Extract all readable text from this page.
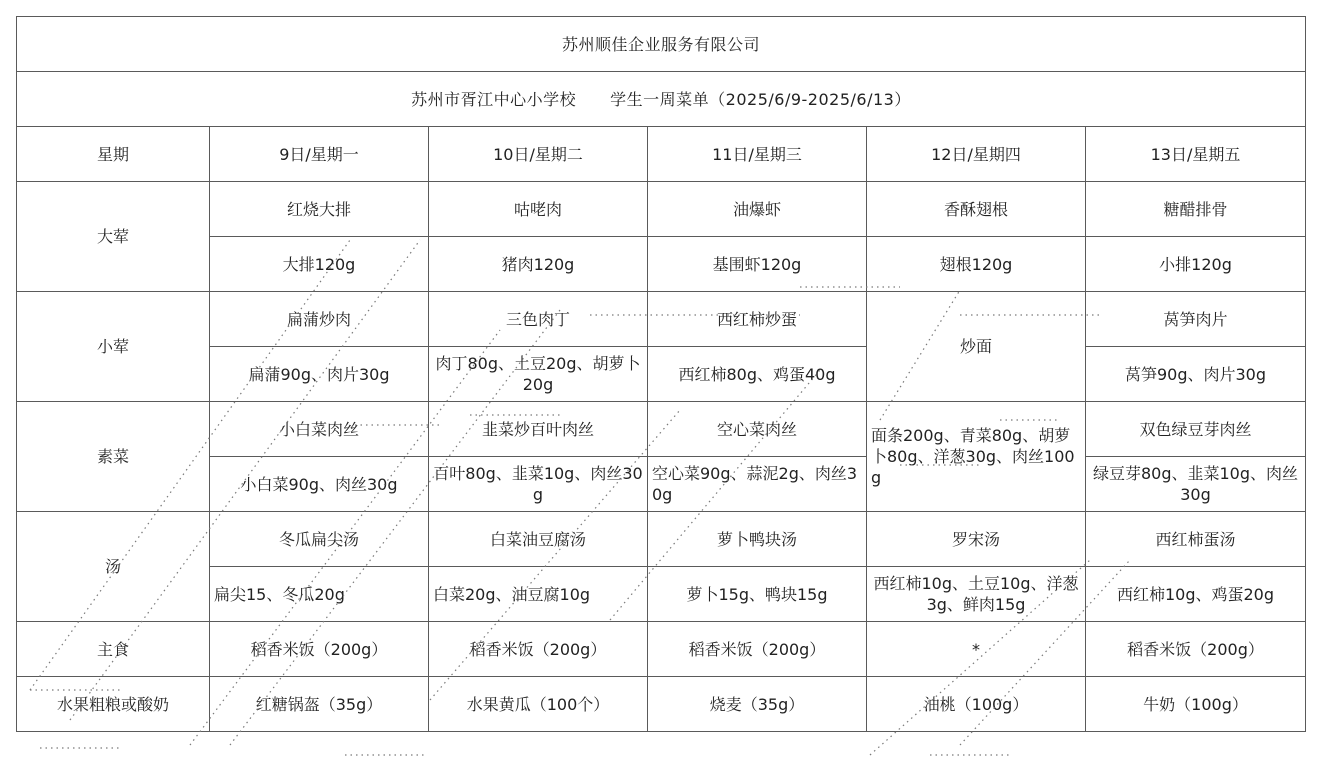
苏州顺佳企业服务有限公司					
苏州市胥江中心小学校 学生一周菜单（2025/6/9-2025/6/13）					
星期	9日/星期一	10日/星期二	11日/星期三	12日/星期四	13日/星期五
大荤	红烧大排	咕咾肉	油爆虾	香酥翅根	糖醋排骨
	大排120g	猪肉120g	基围虾120g	翅根120g	小排120g
小荤	扁蒲炒肉	三色肉丁	西红柿炒蛋	炒面	莴笋肉片
	扁蒲90g、肉片30g	肉丁80g、土豆20g、胡萝卜20g	西红柿80g、鸡蛋40g		莴笋90g、肉片30g
素菜	小白菜肉丝	韭菜炒百叶肉丝	空心菜肉丝	面条200g、青菜80g、胡萝卜80g、洋葱30g、肉丝100g	双色绿豆芽肉丝
	小白菜90g、肉丝30g	百叶80g、韭菜10g、肉丝30g	空心菜90g、蒜泥2g、肉丝30g		绿豆芽80g、韭菜10g、肉丝30g
汤	冬瓜扁尖汤	白菜油豆腐汤	萝卜鸭块汤	罗宋汤	西红柿蛋汤
	扁尖15、冬瓜20g	白菜20g、油豆腐10g	萝卜15g、鸭块15g	西红柿10g、土豆10g、洋葱3g、鲜肉15g	西红柿10g、鸡蛋20g
主食	稻香米饭（200g）	稻香米饭（200g）	稻香米饭（200g）	*	稻香米饭（200g）
水果粗粮或酸奶	红糖锅盔（35g）	水果黄瓜（100个）	烧麦（35g）	油桃（100g）	牛奶（100g）
